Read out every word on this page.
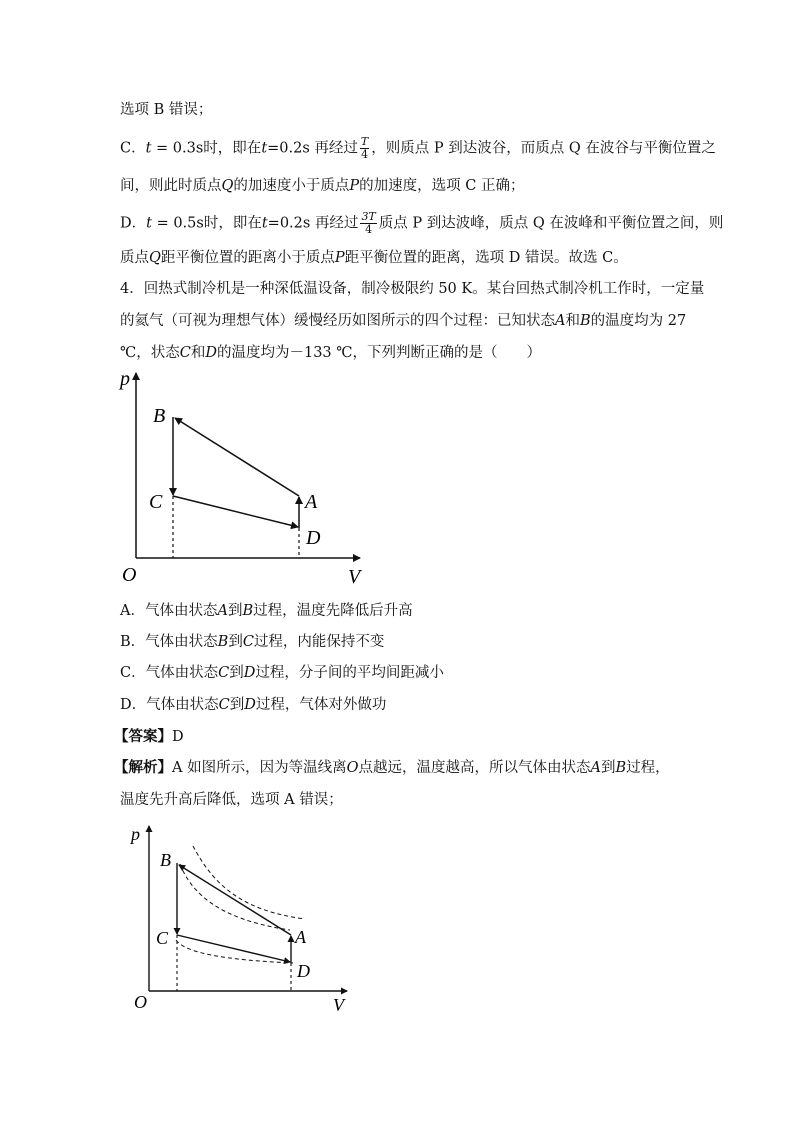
选项 B 错误；
C．t = 0.3s时，即在t=0.2s 再经过 $\frac{T}{4}$ ，则质点 P 到达波谷，而质点 Q 在波谷与平衡位置之
间，则此时质点Q的加速度小于质点P的加速度，选项 C 正确；
D．t = 0.5s时，即在t=0.2s 再经过 $\frac{3T}{4}$ 质点 P 到达波峰，质点 Q 在波峰和平衡位置之间，则
质点Q距平衡位置的距离小于质点P距平衡位置的距离，选项 D 错误。故选 C。
4．回热式制冷机是一种深低温设备，制冷极限约 50 K。某台回热式制冷机工作时，一定量
的氦气（可视为理想气体）缓慢经历如图所示的四个过程：已知状态A和B的温度均为 27
℃，状态C和D的温度均为－133 ℃，下列判断正确的是（　　）
p
V
O
B
C	A
D
A．气体由状态A到B过程，温度先降低后升高
B．气体由状态B到C过程，内能保持不变
C．气体由状态C到D过程，分子间的平均间距减小
D．气体由状态C到D过程，气体对外做功
【答案】D
【解析】A 如图所示，因为等温线离O点越远，温度越高，所以气体由状态A到B过程，
温度先升高后降低，选项 A 错误；
p
V
O
B
C	A
D
